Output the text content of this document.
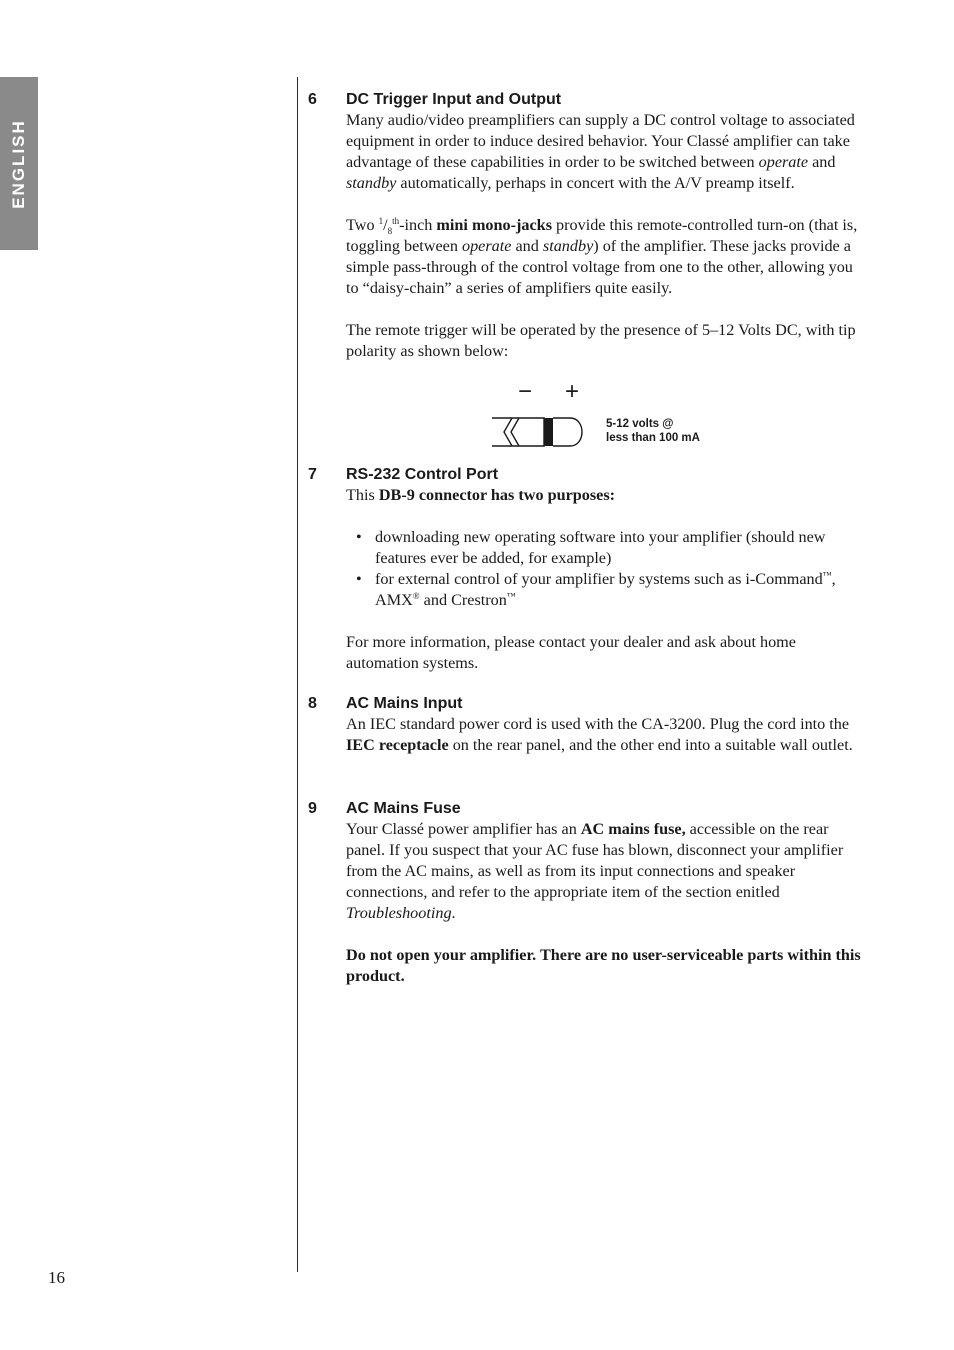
ENGLISH
6 DC Trigger Input and Output

Many audio/video preamplifiers can supply a DC control voltage to associated equipment in order to induce desired behavior. Your Classé amplifier can take advantage of these capabilities in order to be switched between operate and standby automatically, perhaps in concert with the A/V preamp itself.

Two $^1/_8^{th}$-inch mini mono-jacks provide this remote-controlled turn-on (that is, toggling between operate and standby) of the amplifier. These jacks provide a simple pass-through of the control voltage from one to the other, allowing you to “daisy-chain” a series of amplifiers quite easily.

The remote trigger will be operated by the presence of 5–12 Volts DC, with tip polarity as shown below:

− +
5-12 volts @
less than 100 mA
7 RS-232 Control Port

This DB-9 connector has two purposes:

• downloading new operating software into your amplifier (should new features ever be added, for example)
• for external control of your amplifier by systems such as i-Command™, AMX® and Crestron™

For more information, please contact your dealer and ask about home automation systems.

8 AC Mains Input

An IEC standard power cord is used with the CA-3200. Plug the cord into the IEC receptacle on the rear panel, and the other end into a suitable wall outlet.

9 AC Mains Fuse

Your Classé power amplifier has an AC mains fuse, accessible on the rear panel. If you suspect that your AC fuse has blown, disconnect your amplifier from the AC mains, as well as from its input connections and speaker connections, and refer to the appropriate item of the section enitled Troubleshooting.

Do not open your amplifier. There are no user-serviceable parts within this product.

16
